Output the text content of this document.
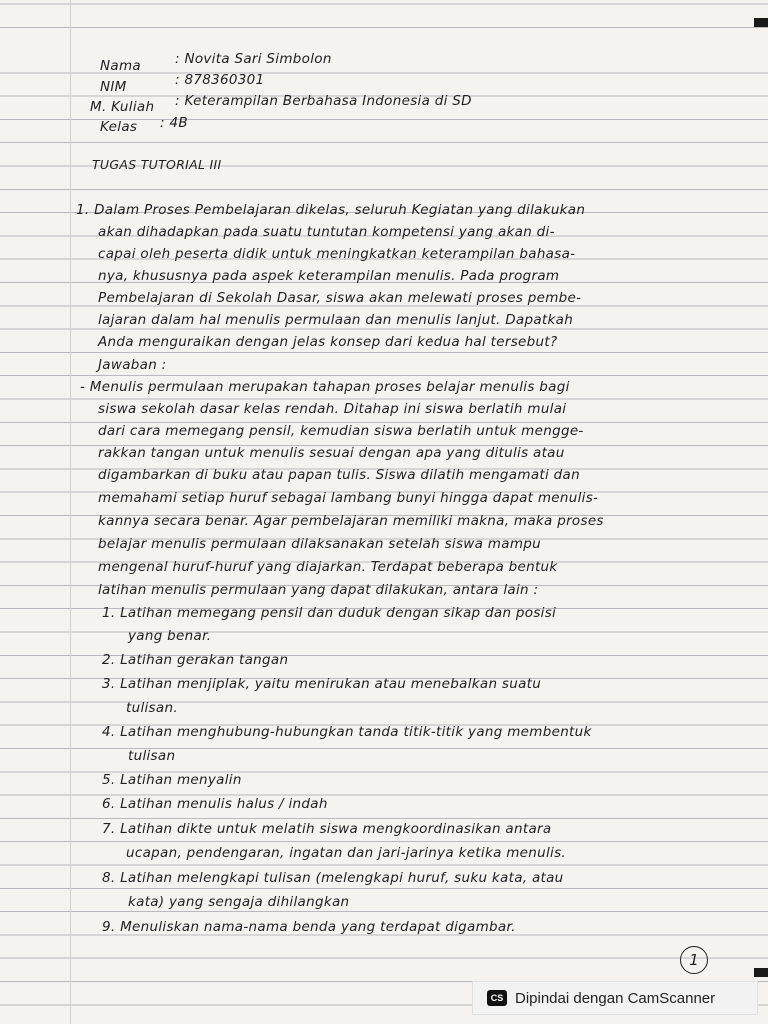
Nama	: Novita Sari Simbolon
NIM	: 878360301
M. Kuliah : Keterampilan Berbahasa Indonesia di SD
Kelas : 4B
TUGAS TUTORIAL III
1. Dalam Proses Pembelajaran dikelas, seluruh Kegiatan yang dilakukan
akan dihadapkan pada suatu tuntutan kompetensi yang akan di-
capai oleh peserta didik untuk meningkatkan keterampilan bahasa-
nya, khususnya pada aspek keterampilan menulis. Pada program
Pembelajaran di Sekolah Dasar, siswa akan melewati proses pembe-
lajaran dalam hal menulis permulaan dan menulis lanjut. Dapatkah
Anda menguraikan dengan jelas konsep dari kedua hal tersebut?
Jawaban :
- Menulis permulaan merupakan tahapan proses belajar menulis bagi
siswa sekolah dasar kelas rendah. Ditahap ini siswa berlatih mulai
dari cara memegang pensil, kemudian siswa berlatih untuk mengge-
rakkan tangan untuk menulis sesuai dengan apa yang ditulis atau
digambarkan di buku atau papan tulis. Siswa dilatih mengamati dan
memahami setiap huruf sebagai lambang bunyi hingga dapat menulis-
kannya secara benar. Agar pembelajaran memiliki makna, maka proses
belajar menulis permulaan dilaksanakan setelah siswa mampu
mengenal huruf-huruf yang diajarkan. Terdapat beberapa bentuk
latihan menulis permulaan yang dapat dilakukan, antara lain :
1. Latihan memegang pensil dan duduk dengan sikap dan posisi
yang benar.
2. Latihan gerakan tangan
3. Latihan menjiplak, yaitu menirukan atau menebalkan suatu
tulisan.
4. Latihan menghubung-hubungkan tanda titik-titik yang membentuk
tulisan
5. Latihan menyalin
6. Latihan menulis halus / indah
7. Latihan dikte untuk melatih siswa mengkoordinasikan antara
ucapan, pendengaran, ingatan dan jari-jarinya ketika menulis.
8. Latihan melengkapi tulisan (melengkapi huruf, suku kata, atau
kata) yang sengaja dihilangkan
9. Menuliskan nama-nama benda yang terdapat digambar.
1
CS Dipindai dengan CamScanner
